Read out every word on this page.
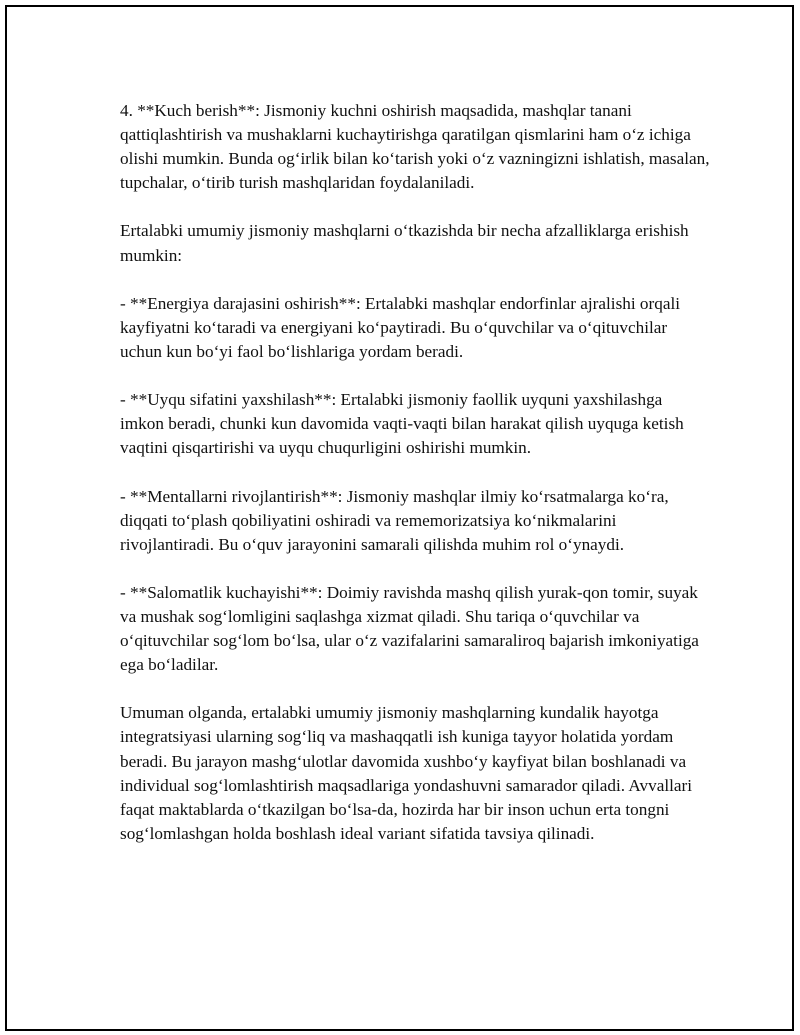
4. **Kuch berish**: Jismoniy kuchni oshirish maqsadida, mashqlar tanani qattiqlashtirish va mushaklarni kuchaytirishga qaratilgan qismlarini ham o‘z ichiga olishi mumkin. Bunda og‘irlik bilan ko‘tarish yoki o‘z vazningizni ishlatish, masalan, tupchalar, o‘tirib turish mashqlaridan foydalaniladi.

Ertalabki umumiy jismoniy mashqlarni o‘tkazishda bir necha afzalliklarga erishish mumkin:

- **Energiya darajasini oshirish**: Ertalabki mashqlar endorfinlar ajralishi orqali kayfiyatni ko‘taradi va energiyani ko‘paytiradi. Bu o‘quvchilar va o‘qituvchilar uchun kun bo‘yi faol bo‘lishlariga yordam beradi.

- **Uyqu sifatini yaxshilash**: Ertalabki jismoniy faollik uyquni yaxshilashga imkon beradi, chunki kun davomida vaqti-vaqti bilan harakat qilish uyquga ketish vaqtini qisqartirishi va uyqu chuqurligini oshirishi mumkin.

- **Mentallarni rivojlantirish**: Jismoniy mashqlar ilmiy ko‘rsatmalarga ko‘ra, diqqati to‘plash qobiliyatini oshiradi va rememorizatsiya ko‘nikmalarini rivojlantiradi. Bu o‘quv jarayonini samarali qilishda muhim rol o‘ynaydi.

- **Salomatlik kuchayishi**: Doimiy ravishda mashq qilish yurak-qon tomir, suyak va mushak sog‘lomligini saqlashga xizmat qiladi. Shu tariqa o‘quvchilar va o‘qituvchilar sog‘lom bo‘lsa, ular o‘z vazifalarini samaraliroq bajarish imkoniyatiga ega bo‘ladilar.

Umuman olganda, ertalabki umumiy jismoniy mashqlarning kundalik hayotga integratsiyasi ularning sog‘liq va mashaqqatli ish kuniga tayyor holatida yordam beradi. Bu jarayon mashg‘ulotlar davomida xushbo‘y kayfiyat bilan boshlanadi va individual sog‘lomlashtirish maqsadlariga yondashuvni samarador qiladi. Avvallari faqat maktablarda o‘tkazilgan bo‘lsa-da, hozirda har bir inson uchun erta tongni sog‘lomlashgan holda boshlash ideal variant sifatida tavsiya qilinadi.
